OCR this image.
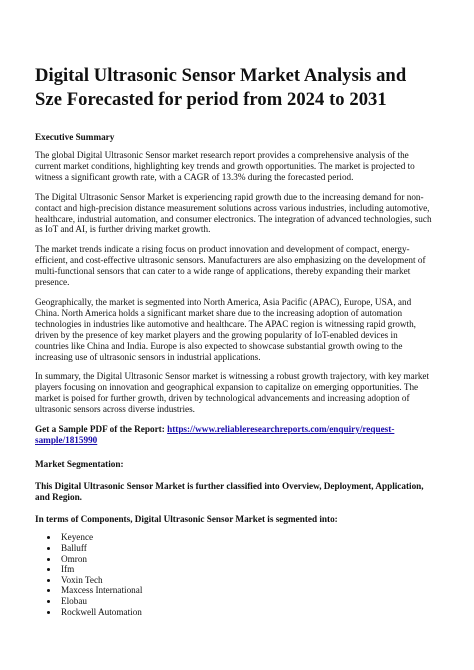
Digital Ultrasonic Sensor Market Analysis and Sze Forecasted for period from 2024 to 2031
Executive Summary

The global Digital Ultrasonic Sensor market research report provides a comprehensive analysis of the current market conditions, highlighting key trends and growth opportunities. The market is projected to witness a significant growth rate, with a CAGR of 13.3% during the forecasted period.

The Digital Ultrasonic Sensor Market is experiencing rapid growth due to the increasing demand for non-contact and high-precision distance measurement solutions across various industries, including automotive, healthcare, industrial automation, and consumer electronics. The integration of advanced technologies, such as IoT and AI, is further driving market growth.

The market trends indicate a rising focus on product innovation and development of compact, energy-efficient, and cost-effective ultrasonic sensors. Manufacturers are also emphasizing on the development of multi-functional sensors that can cater to a wide range of applications, thereby expanding their market presence.

Geographically, the market is segmented into North America, Asia Pacific (APAC), Europe, USA, and China. North America holds a significant market share due to the increasing adoption of automation technologies in industries like automotive and healthcare. The APAC region is witnessing rapid growth, driven by the presence of key market players and the growing popularity of IoT-enabled devices in countries like China and India. Europe is also expected to showcase substantial growth owing to the increasing use of ultrasonic sensors in industrial applications.

In summary, the Digital Ultrasonic Sensor market is witnessing a robust growth trajectory, with key market players focusing on innovation and geographical expansion to capitalize on emerging opportunities. The market is poised for further growth, driven by technological advancements and increasing adoption of ultrasonic sensors across diverse industries.

Get a Sample PDF of the Report: https://www.reliableresearchreports.com/enquiry/request-sample/1815990
Market Segmentation:
This Digital Ultrasonic Sensor Market is further classified into Overview, Deployment, Application, and Region.
In terms of Components, Digital Ultrasonic Sensor Market is segmented into:
• Keyence
• Balluff
• Omron
• Ifm
• Voxin Tech
• Maxcess International
• Elobau
• Rockwell Automation
